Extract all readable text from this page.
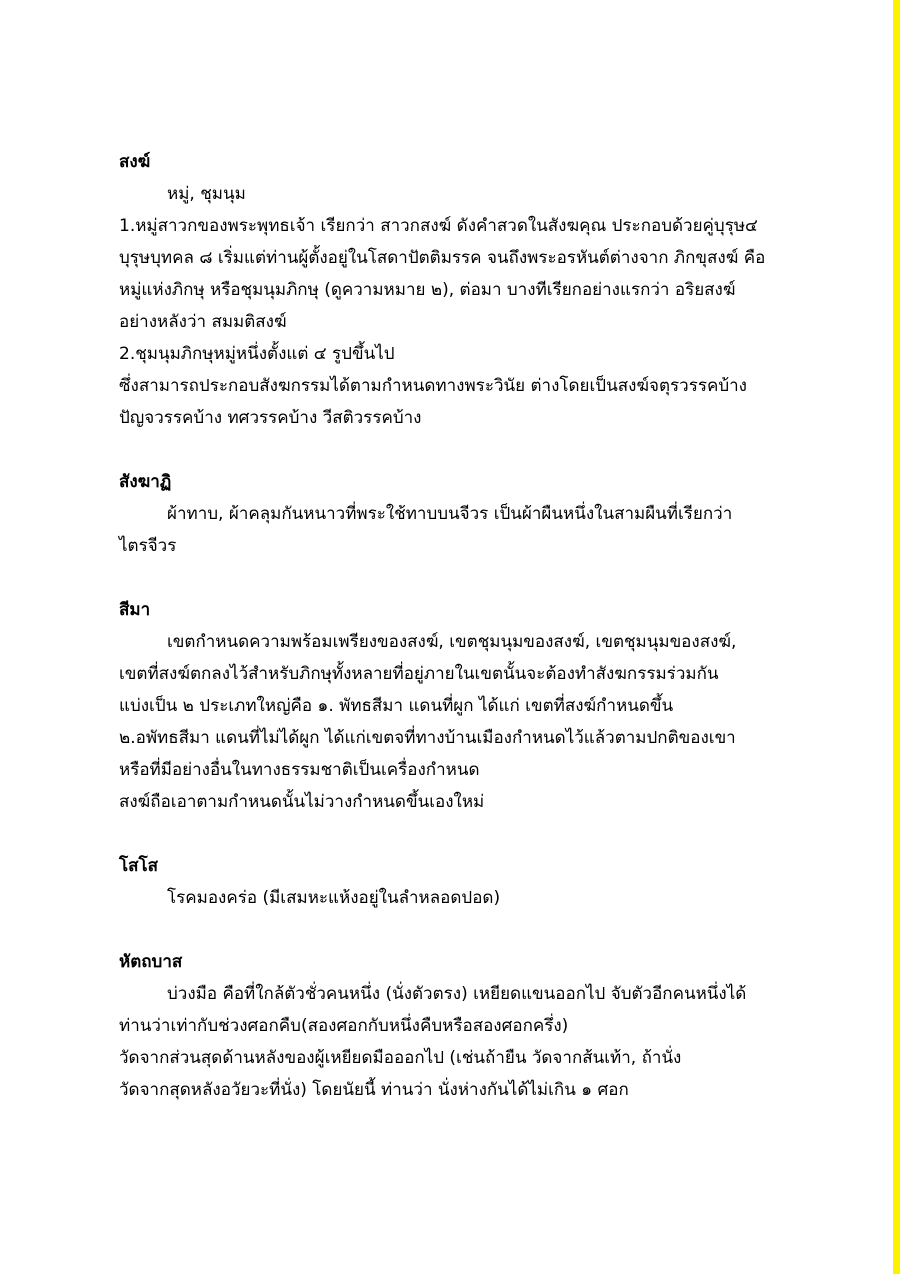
สงฆ์
หมู่, ชุมนุม
1.หมู่สาวกของพระพุทธเจ้า เรียกว่า สาวกสงฆ์ ดังคำสวดในสังฆคุณ ประกอบด้วยคู่บุรุษ๔
บุรุษบุทคล ๘ เริ่มแต่ท่านผู้ตั้งอยู่ในโสดาปัตติมรรค จนถึงพระอรหันต์ต่างจาก ภิกขุสงฆ์ คือ
หมู่แห่งภิกษุ หรือชุมนุมภิกษุ (ดูความหมาย ๒), ต่อมา บางทีเรียกอย่างแรกว่า อริยสงฆ์
อย่างหลังว่า สมมติสงฆ์
2.ชุมนุมภิกษุหมู่หนึ่งตั้งแต่ ๔ รูปขึ้นไป
ซึ่งสามารถประกอบสังฆกรรมได้ตามกำหนดทางพระวินัย ต่างโดยเป็นสงฆ์จตุรวรรคบ้าง
ปัญจวรรคบ้าง ทศวรรคบ้าง วีสติวรรคบ้าง
สังฆาฏิ
ผ้าทาบ, ผ้าคลุมกันหนาวที่พระใช้ทาบบนจีวร เป็นผ้าผืนหนึ่งในสามผืนที่เรียกว่า
ไตรจีวร
สีมา
เขตกำหนดความพร้อมเพรียงของสงฆ์, เขตชุมนุมของสงฆ์, เขตชุมนุมของสงฆ์,
เขตที่สงฆ์ตกลงไว้สำหรับภิกษุทั้งหลายที่อยู่ภายในเขตนั้นจะต้องทำสังฆกรรมร่วมกัน
แบ่งเป็น ๒ ประเภทใหญ่คือ ๑. พัทธสีมา แดนที่ผูก ได้แก่ เขตที่สงฆ์กำหนดขึ้น
๒.อพัทธสีมา แดนที่ไม่ได้ผูก ได้แก่เขตจที่ทางบ้านเมืองกำหนดไว้แล้วตามปกติของเขา
หรือที่มีอย่างอื่นในทางธรรมชาติเป็นเครื่องกำหนด
สงฆ์ถือเอาตามกำหนดนั้นไม่วางกำหนดขึ้นเองใหม่
โสโส
โรคมองคร่อ (มีเสมหะแห้งอยู่ในลำหลอดปอด)
หัตถบาส
บ่วงมือ คือที่ใกล้ตัวชั่วคนหนึ่ง (นั่งตัวตรง) เหยียดแขนออกไป จับตัวอีกคนหนึ่งได้
ท่านว่าเท่ากับช่วงศอกคืบ(สองศอกกับหนึ่งคืบหรือสองศอกครึ่ง)
วัดจากส่วนสุดด้านหลังของผู้เหยียดมือออกไป (เช่นถ้ายืน วัดจากส้นเท้า, ถ้านั่ง
วัดจากสุดหลังอวัยวะที่นั่ง) โดยนัยนี้ ท่านว่า นั่งห่างกันได้ไม่เกิน ๑ ศอก
